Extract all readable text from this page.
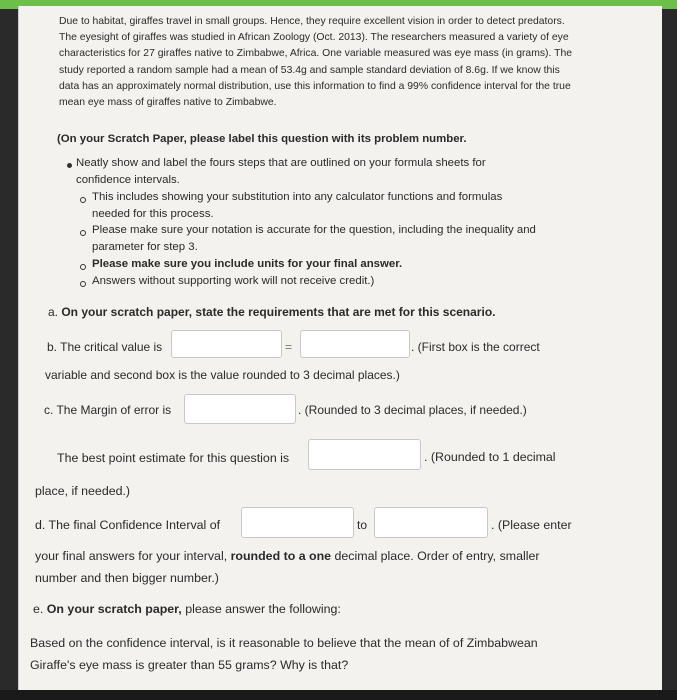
Due to habitat, giraffes travel in small groups. Hence, they require excellent vision in order to detect predators. The eyesight of giraffes was studied in African Zoology (Oct. 2013). The researchers measured a variety of eye characteristics for 27 giraffes native to Zimbabwe, Africa. One variable measured was eye mass (in grams). The study reported a random sample had a mean of 53.4g and sample standard deviation of 8.6g. If we know this data has an approximately normal distribution, use this information to find a 99% confidence interval for the true mean eye mass of giraffes native to Zimbabwe.

(On your Scratch Paper, please label this question with its problem number.

Neatly show and label the fours steps that are outlined on your formula sheets for

confidence intervals.

This includes showing your substitution into any calculator functions and formulas

needed for this process.

Please make sure your notation is accurate for the question, including the inequality and

parameter for step 3.

Please make sure you include units for your final answer.

Answers without supporting work will not receive credit.)

a. On your scratch paper, state the requirements that are met for this scenario.

b. The critical value is	=	. (First box is the correct

variable and second box is the value rounded to 3 decimal places.)

c. The Margin of error is	. (Rounded to 3 decimal places, if needed.)

The best point estimate for this question is	. (Rounded to 1 decimal

place, if needed.)

d. The final Confidence Interval of	to	. (Please enter

your final answers for your interval, rounded to a one decimal place. Order of entry, smaller

number and then bigger number.)

e. On your scratch paper, please answer the following:

Based on the confidence interval, is it reasonable to believe that the mean of of Zimbabwean

Giraffe's eye mass is greater than 55 grams? Why is that?
